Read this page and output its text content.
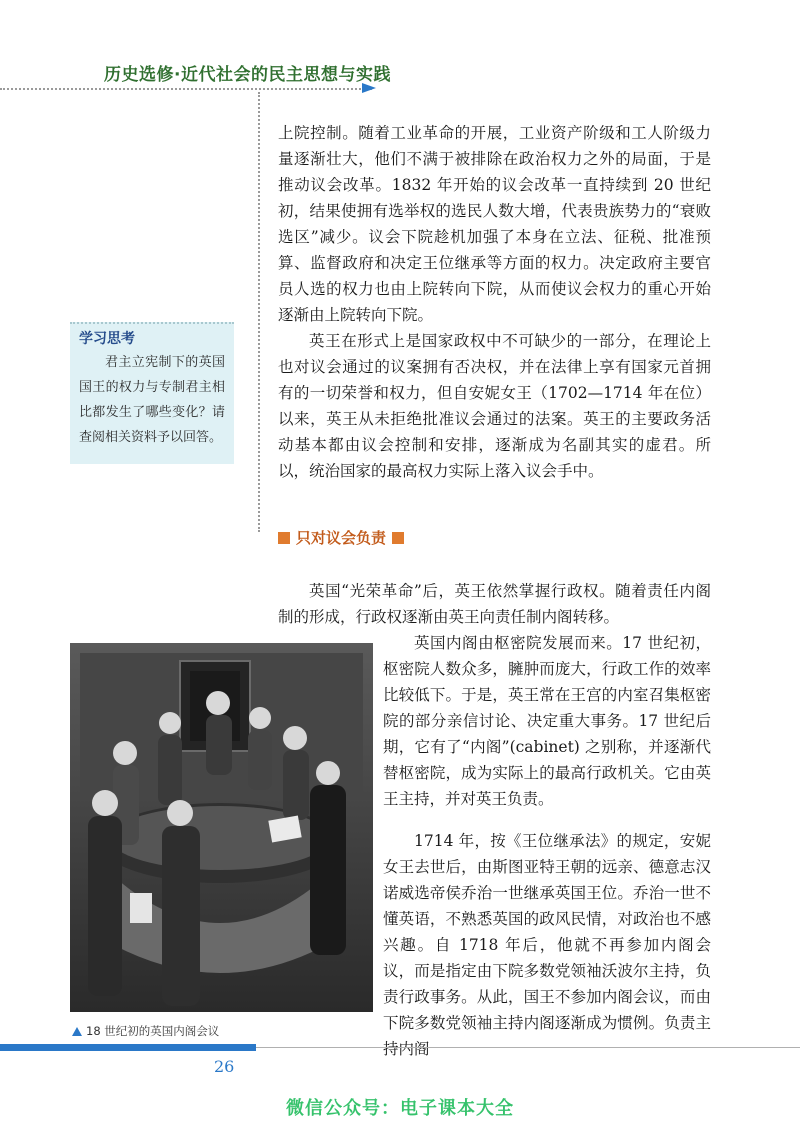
历史选修·近代社会的民主思想与实践

上院控制。随着工业革命的开展，工业资产阶级和工人阶级力量逐渐壮大，他们不满于被排除在政治权力之外的局面，于是推动议会改革。1832 年开始的议会改革一直持续到 20 世纪初，结果使拥有选举权的选民人数大增，代表贵族势力的“衰败选区”减少。议会下院趁机加强了本身在立法、征税、批准预算、监督政府和决定王位继承等方面的权力。决定政府主要官员人选的权力也由上院转向下院，从而使议会权力的重心开始逐渐由上院转向下院。

英王在形式上是国家政权中不可缺少的一部分，在理论上也对议会通过的议案拥有否决权，并在法律上享有国家元首拥有的一切荣誉和权力，但自安妮女王（1702—1714 年在位）以来，英王从未拒绝批准议会通过的法案。英王的主要政务活动基本都由议会控制和安排，逐渐成为名副其实的虚君。所以，统治国家的最高权力实际上落入议会手中。

学习思考
君主立宪制下的英国国王的权力与专制君主相比都发生了哪些变化？请查阅相关资料予以回答。
只对议会负责
英国“光荣革命”后，英王依然掌握行政权。随着责任内阁制的形成，行政权逐渐由英王向责任制内阁转移。
英国内阁由枢密院发展而来。17 世纪初，枢密院人数众多，臃肿而庞大，行政工作的效率比较低下。于是，英王常在王宫的内室召集枢密院的部分亲信讨论、决定重大事务。17 世纪后期，它有了“内阁”(cabinet) 之别称，并逐渐代替枢密院，成为实际上的最高行政机关。它由英王主持，并对英王负责。
1714 年，按《王位继承法》的规定，安妮女王去世后，由斯图亚特王朝的远亲、德意志汉诺威选帝侯乔治一世继承英国王位。乔治一世不懂英语，不熟悉英国的政风民情，对政治也不感兴趣。自 1718 年后，他就不再参加内阁会议，而是指定由下院多数党领袖沃波尔主持，负责行政事务。从此，国王不参加内阁会议，而由下院多数党领袖主持内阁逐渐成为惯例。负责主持内阁
18 世纪初的英国内阁会议
26
微信公众号：电子课本大全
